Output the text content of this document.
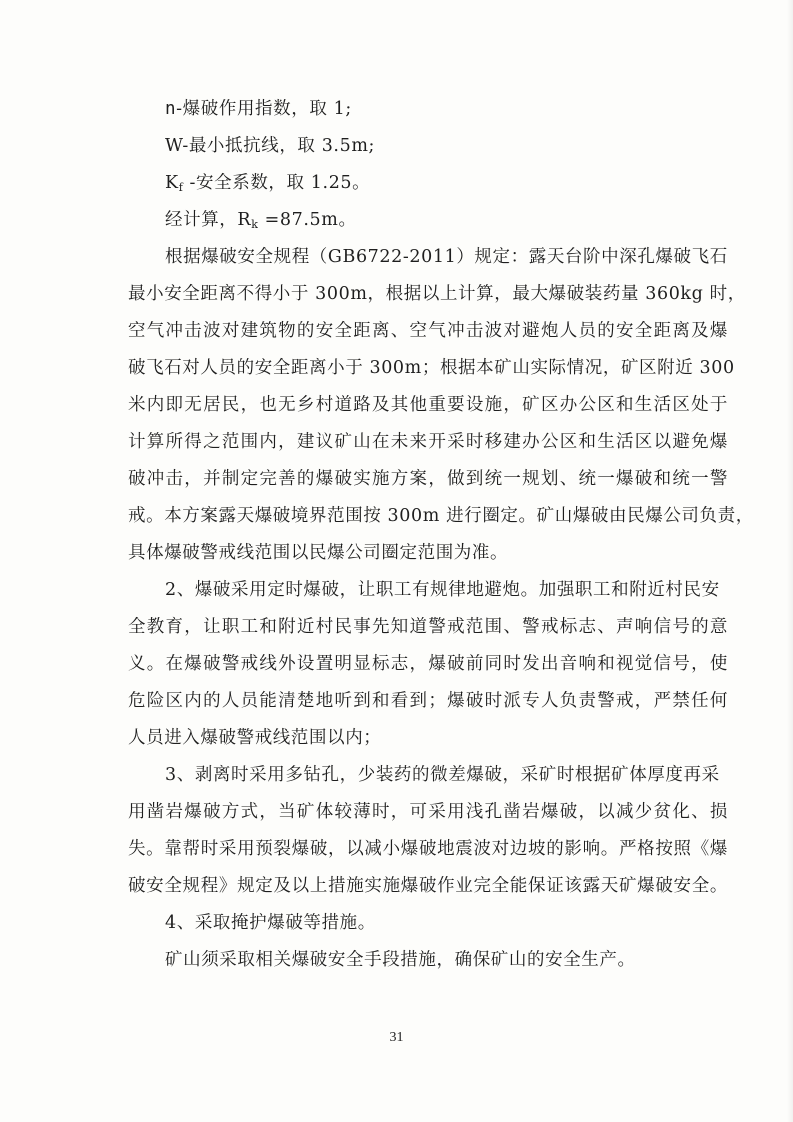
n-爆破作用指数，取 1;
W-最小抵抗线，取 3.5m;
$K_f$ -安全系数，取 1.25。
经计算，$R_k =87.5m$。
根据爆破安全规程（GB6722-2011）规定：露天台阶中深孔爆破飞石
最小安全距离不得小于 300m，根据以上计算，最大爆破装药量 360kg 时，
空气冲击波对建筑物的安全距离、空气冲击波对避炮人员的安全距离及爆
破飞石对人员的安全距离小于 300m；根据本矿山实际情况，矿区附近 300
米内即无居民，也无乡村道路及其他重要设施，矿区办公区和生活区处于
计算所得之范围内，建议矿山在未来开采时移建办公区和生活区以避免爆
破冲击，并制定完善的爆破实施方案，做到统一规划、统一爆破和统一警
戒。本方案露天爆破境界范围按 300m 进行圈定。矿山爆破由民爆公司负责，
具体爆破警戒线范围以民爆公司圈定范围为准。
2、爆破采用定时爆破，让职工有规律地避炮。加强职工和附近村民安
全教育，让职工和附近村民事先知道警戒范围、警戒标志、声响信号的意
义。在爆破警戒线外设置明显标志，爆破前同时发出音响和视觉信号，使
危险区内的人员能清楚地听到和看到；爆破时派专人负责警戒，严禁任何
人员进入爆破警戒线范围以内；
3、剥离时采用多钻孔，少装药的微差爆破，采矿时根据矿体厚度再采
用凿岩爆破方式，当矿体较薄时，可采用浅孔凿岩爆破，以减少贫化、损
失。靠帮时采用预裂爆破，以减小爆破地震波对边坡的影响。严格按照《爆
破安全规程》规定及以上措施实施爆破作业完全能保证该露天矿爆破安全。
4、采取掩护爆破等措施。
矿山须采取相关爆破安全手段措施，确保矿山的安全生产。
31
